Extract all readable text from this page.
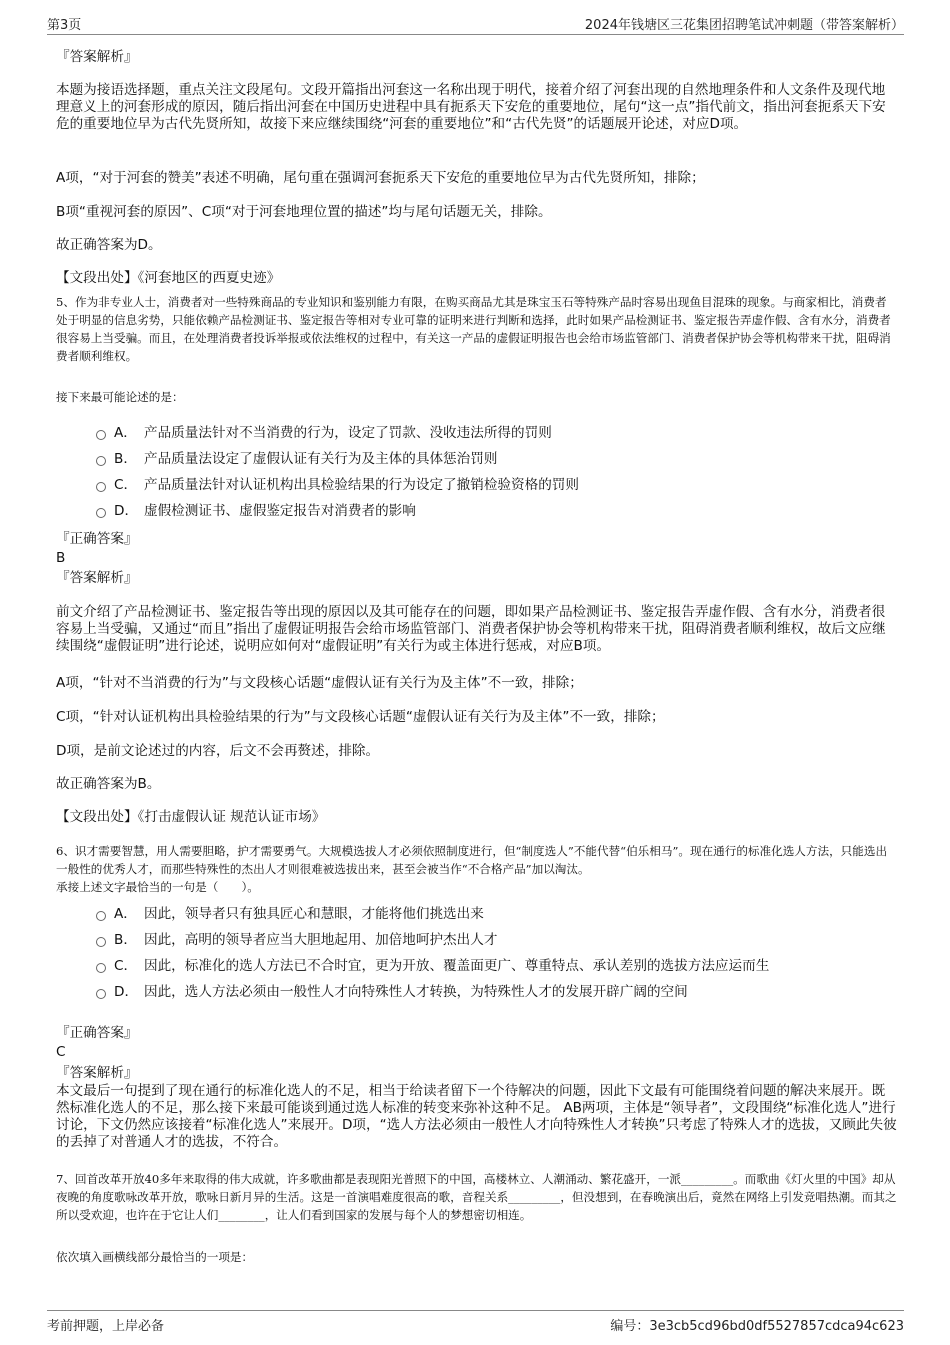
第3页	2024年钱塘区三花集团招聘笔试冲刺题（带答案解析）

『答案解析』

本题为接语选择题，重点关注文段尾句。文段开篇指出河套这一名称出现于明代，接着介绍了河套出现的自然地理条件和人文条件及现代地理意义上的河套形成的原因，随后指出河套在中国历史进程中具有扼系天下安危的重要地位，尾句“这一点”指代前文，指出河套扼系天下安危的重要地位早为古代先贤所知，故接下来应继续围绕“河套的重要地位”和“古代先贤”的话题展开论述，对应D项。

A项，“对于河套的赞美”表述不明确，尾句重在强调河套扼系天下安危的重要地位早为古代先贤所知，排除；

B项“重视河套的原因”、C项“对于河套地理位置的描述”均与尾句话题无关，排除。

故正确答案为D。

【文段出处】《河套地区的西夏史迹》

5、作为非专业人士，消费者对一些特殊商品的专业知识和鉴别能力有限，在购买商品尤其是珠宝玉石等特殊产品时容易出现鱼目混珠的现象。与商家相比，消费者处于明显的信息劣势，只能依赖产品检测证书、鉴定报告等相对专业可靠的证明来进行判断和选择，此时如果产品检测证书、鉴定报告弄虚作假、含有水分，消费者很容易上当受骗。而且，在处理消费者投诉举报或依法维权的过程中，有关这一产品的虚假证明报告也会给市场监管部门、消费者保护协会等机构带来干扰，阻碍消费者顺利维权。

接下来最可能论述的是：

A． 产品质量法针对不当消费的行为，设定了罚款、没收违法所得的罚则
B． 产品质量法设定了虚假认证有关行为及主体的具体惩治罚则
C． 产品质量法针对认证机构出具检验结果的行为设定了撤销检验资格的罚则
D． 虚假检测证书、虚假鉴定报告对消费者的影响

『正确答案』

B

『答案解析』

前文介绍了产品检测证书、鉴定报告等出现的原因以及其可能存在的问题，即如果产品检测证书、鉴定报告弄虚作假、含有水分，消费者很容易上当受骗，又通过“而且”指出了虚假证明报告会给市场监管部门、消费者保护协会等机构带来干扰，阻碍消费者顺利维权，故后文应继续围绕“虚假证明”进行论述，说明应如何对“虚假证明”有关行为或主体进行惩戒，对应B项。

A项，“针对不当消费的行为”与文段核心话题“虚假认证有关行为及主体”不一致，排除；

C项，“针对认证机构出具检验结果的行为”与文段核心话题“虚假认证有关行为及主体”不一致，排除；

D项，是前文论述过的内容，后文不会再赘述，排除。

故正确答案为B。

【文段出处】《打击虚假认证 规范认证市场》

6、识才需要智慧，用人需要胆略，护才需要勇气。大规模选拔人才必须依照制度进行，但“制度选人”不能代替“伯乐相马”。现在通行的标准化选人方法，只能选出一般性的优秀人才，而那些特殊性的杰出人才则很难被选拔出来，甚至会被当作“不合格产品”加以淘汰。

承接上述文字最恰当的一句是（　　）。

A． 因此，领导者只有独具匠心和慧眼，才能将他们挑选出来
B． 因此，高明的领导者应当大胆地起用、加倍地呵护杰出人才
C． 因此，标准化的选人方法已不合时宜，更为开放、覆盖面更广、尊重特点、承认差别的选拔方法应运而生
D． 因此，选人方法必须由一般性人才向特殊性人才转换，为特殊性人才的发展开辟广阔的空间

『正确答案』

C

『答案解析』

本文最后一句提到了现在通行的标准化选人的不足，相当于给读者留下一个待解决的问题，因此下文最有可能围绕着问题的解决来展开。既然标准化选人的不足，那么接下来最可能谈到通过选人标准的转变来弥补这种不足。 AB两项，主体是“领导者”，文段围绕“标准化选人”进行讨论，下文仍然应该接着“标准化选人”来展开。D项，“选人方法必须由一般性人才向特殊性人才转换”只考虑了特殊人才的选拔，又顾此失彼的丢掉了对普通人才的选拔，不符合。

7、回首改革开放40多年来取得的伟大成就，许多歌曲都是表现阳光普照下的中国，高楼林立、人潮涌动、繁花盛开，一派_________。而歌曲《灯火里的中国》却从夜晚的角度歌咏改革开放，歌咏日新月异的生活。这是一首演唱难度很高的歌，音程关系_________，但没想到，在春晚演出后，竟然在网络上引发竞唱热潮。而其之所以受欢迎，也许在于它让人们________，让人们看到国家的发展与每个人的梦想密切相连。

依次填入画横线部分最恰当的一项是：

考前押题，上岸必备	编号：3e3cb5cd96bd0df5527857cdca94c623
